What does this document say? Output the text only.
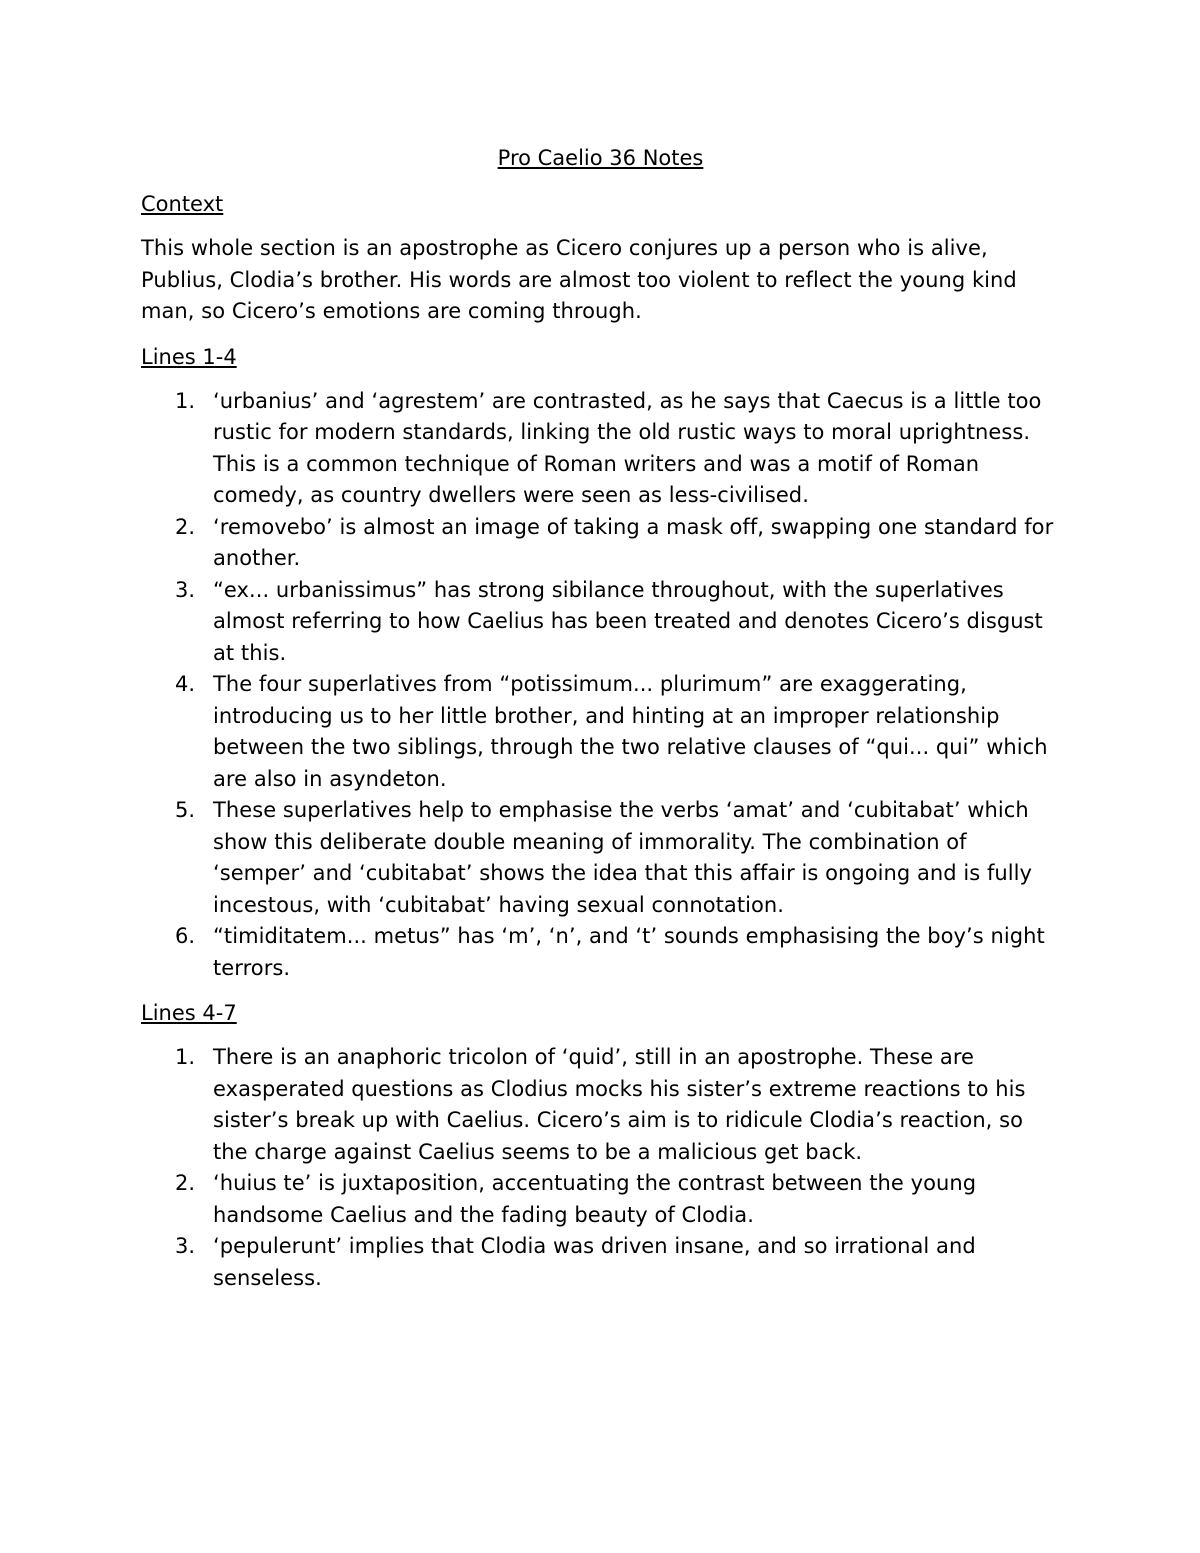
Pro Caelio 36 Notes
Context
This whole section is an apostrophe as Cicero conjures up a person who is alive, Publius, Clodia’s brother. His words are almost too violent to reflect the young kind man, so Cicero’s emotions are coming through.
Lines 1-4
1. ‘urbanius’ and ‘agrestem’ are contrasted, as he says that Caecus is a little too rustic for modern standards, linking the old rustic ways to moral uprightness. This is a common technique of Roman writers and was a motif of Roman comedy, as country dwellers were seen as less-civilised.
2. ‘removebo’ is almost an image of taking a mask off, swapping one standard for another.
3. “ex... urbanissimus” has strong sibilance throughout, with the superlatives almost referring to how Caelius has been treated and denotes Cicero’s disgust at this.
4. The four superlatives from “potissimum... plurimum” are exaggerating, introducing us to her little brother, and hinting at an improper relationship between the two siblings, through the two relative clauses of “qui... qui” which are also in asyndeton.
5. These superlatives help to emphasise the verbs ‘amat’ and ‘cubitabat’ which show this deliberate double meaning of immorality. The combination of ‘semper’ and ‘cubitabat’ shows the idea that this affair is ongoing and is fully incestous, with ‘cubitabat’ having sexual connotation.
6. “timiditatem... metus” has ‘m’, ‘n’, and ‘t’ sounds emphasising the boy’s night terrors.
Lines 4-7
1. There is an anaphoric tricolon of ‘quid’, still in an apostrophe. These are exasperated questions as Clodius mocks his sister’s extreme reactions to his sister’s break up with Caelius. Cicero’s aim is to ridicule Clodia’s reaction, so the charge against Caelius seems to be a malicious get back.
2. ‘huius te’ is juxtaposition, accentuating the contrast between the young handsome Caelius and the fading beauty of Clodia.
3. ‘pepulerunt’ implies that Clodia was driven insane, and so irrational and senseless.
